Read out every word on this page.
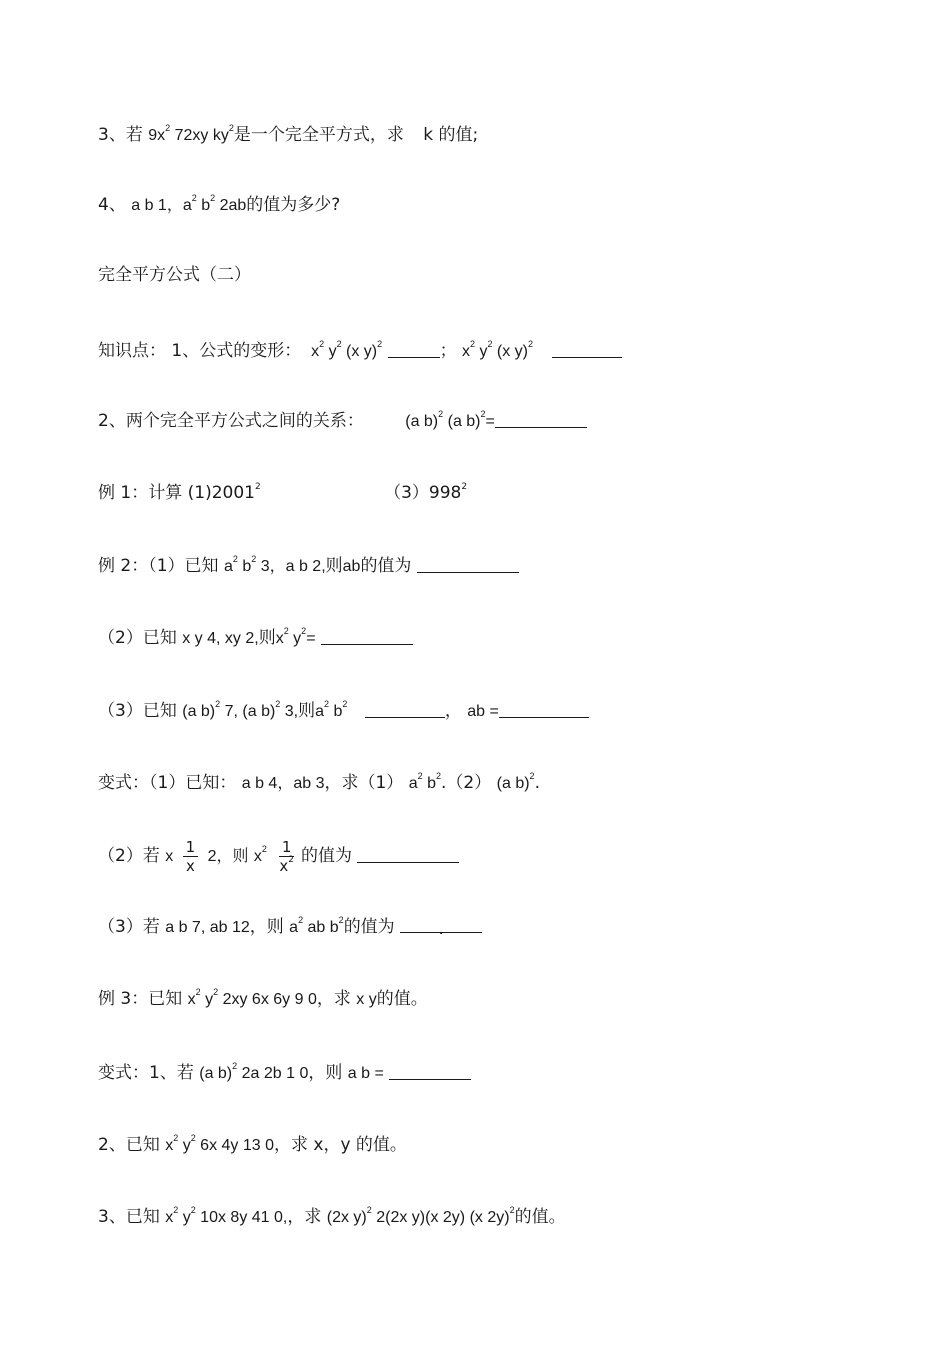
3、若 $9x^2$ 72xy $ky^2$是一个完全平方式，求 k 的值;
4、 a b 1，$a^2$ $b^2$ 2ab的值为多少?
完全平方公式（二）
知识点： 1、公式的变形： $x^2$ $y^2$ (x y)$^2$	； $x^2$ $y^2$ (x y)$^2$
2、两个完全平方公式之间的关系：	(a b)$^2$ (a b)$^2$=
例 1：计算 (1)2001$^2$	$(3)998^2$
例 2：（1）已知 $a^2$ $b^2$ 3，a b 2,则ab的值为
（2）已知 x y 4, xy 2,则$x^2$ $y^2=$
（3）已知 (a b)$^2$ 7, (a b)$^2$ 3,则$a^2$ $b^2$	， ab =
变式：（1）已知： a b 4，ab 3，求（1） $a^2$ $b^2.(2)$ (a b)$^2$.
（2）若 x $\frac{1}{x} 2$，则 $x^2 \frac{1}{x^2}$ 的值为
（3）若 a b 7, ab 12，则 $a^2$ ab $b^2$的值为	.
例 3：已知 $x^2$ $y^2$ 2xy 6x 6y 9 0，求 x y的值。
变式：1、若 (a b)$^2$ 2a 2b 1 0，则 a b =
2、已知 $x^2$ $y^2$ 6x 4y 13 0，求 x，y 的值。
3、已知 $x^2$ $y^2$ 10x 8y 41 0,，求 (2x y)$^2$ 2(2x y)(x 2y) (x 2y)$^2$的值。
